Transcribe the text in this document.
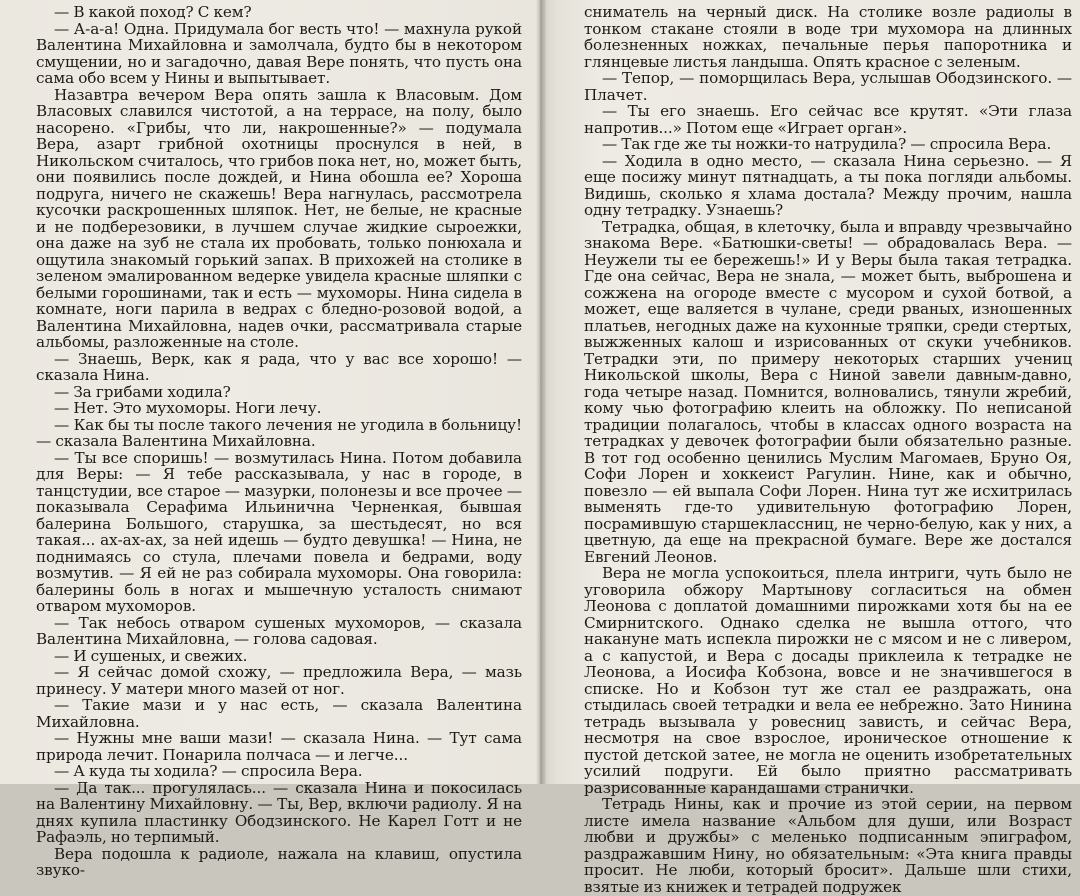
— В какой поход? С кем?

— А-а-а! Одна. Придумала бог весть что! — махнула рукой Валентина Михайловна и замолчала, будто бы в некотором смущении, но и загадочно, давая Вере понять, что пусть она сама обо всем у Нины и выпытывает.

Назавтра вечером Вера опять зашла к Власовым. Дом Власовых славился чистотой, а на террасе, на полу, было насорено. «Грибы, что ли, накрошенные?» — подумала Вера, азарт грибной охотницы проснулся в ней, в Никольском считалось, что грибов пока нет, но, может быть, они появились после дождей, и Нина обошла ее? Хороша подруга, ничего не скажешь! Вера нагнулась, рассмотрела кусочки раскрошенных шляпок. Нет, не белые, не красные и не подберезовики, в лучшем случае жидкие сыроежки, она даже на зуб не стала их пробовать, только понюхала и ощутила знакомый горький запах. В прихожей на столике в зеленом эмалированном ведерке увидела красные шляпки с белыми горошинами, так и есть — мухоморы. Нина сидела в комнате, ноги парила в ведрах с бледно-розовой водой, а Валентина Михайловна, надев очки, рассматривала старые альбомы, разложенные на столе.

— Знаешь, Верк, как я рада, что у вас все хорошо! — сказала Нина.

— За грибами ходила?

— Нет. Это мухоморы. Ноги лечу.

— Как бы ты после такого лечения не угодила в больницу! — сказала Валентина Михайловна.

— Ты все споришь! — возмутилась Нина. Потом добавила для Веры: — Я тебе рассказывала, у нас в городе, в танцстудии, все старое — мазурки, полонезы и все прочее — показывала Серафима Ильинична Черненкая, бывшая балерина Большого, старушка, за шестьдесят, но вся такая... ах-ах-ах, за ней идешь — будто девушка! — Нина, не поднимаясь со стула, плечами повела и бедрами, воду возмутив. — Я ей не раз собирала мухоморы. Она говорила: балерины боль в ногах и мышечную усталость снимают отваром мухоморов.

— Так небось отваром сушеных мухоморов, — сказала Валентина Михайловна, — голова садовая.

— И сушеных, и свежих.

— Я сейчас домой схожу, — предложила Вера, — мазь принесу. У матери много мазей от ног.

— Такие мази и у нас есть, — сказала Валентина Михайловна.

— Нужны мне ваши мази! — сказала Нина. — Тут сама природа лечит. Понарила полчаса — и легче...

— А куда ты ходила? — спросила Вера.

— Да так... прогулялась... — сказала Нина и покосилась на Валентину Михайловну. — Ты, Вер, включи радиолу. Я на днях купила пластинку Ободзинского. Не Карел Готт и не Рафаэль, но терпимый.

Вера подошла к радиоле, нажала на клавиш, опустила звуко-

сниматель на черный диск. На столике возле радиолы в тонком стакане стояли в воде три мухомора на длинных болезненных ножках, печальные перья папоротника и глянцевые листья ландыша. Опять красное с зеленым.

— Тепор, — поморщилась Вера, услышав Ободзинского. — Плачет.

— Ты его знаешь. Его сейчас все крутят. «Эти глаза напротив...» Потом еще «Играет орган».

— Так где же ты ножки-то натрудила? — спросила Вера.

— Ходила в одно место, — сказала Нина серьезно. — Я еще посижу минут пятнадцать, а ты пока погляди альбомы. Видишь, сколько я хлама достала? Между прочим, нашла одну тетрадку. Узнаешь?

Тетрадка, общая, в клеточку, была и вправду чрезвычайно знакома Вере. «Батюшки-светы! — обрадовалась Вера. — Неужели ты ее бережешь!» И у Веры была такая тетрадка. Где она сейчас, Вера не знала, — может быть, выброшена и сожжена на огороде вместе с мусором и сухой ботвой, а может, еще валяется в чулане, среди рваных, изношенных платьев, негодных даже на кухонные тряпки, среди стертых, выжженных калош и изрисованных от скуки учебников. Тетрадки эти, по примеру некоторых старших учениц Никольской школы, Вера с Ниной завели давным-давно, года четыре назад. Помнится, волновались, тянули жребий, кому чью фотографию клеить на обложку. По неписаной традиции полагалось, чтобы в классах одного возраста на тетрадках у девочек фотографии были обязательно разные. В тот год особенно ценились Муслим Магомаев, Бруно Оя, Софи Лорен и хоккеист Рагулин. Нине, как и обычно, повезло — ей выпала Софи Лорен. Нина тут же исхитрилась выменять где-то удивительную фотографию Лорен, посрамившую старшеклассниц, не черно-белую, как у них, а цветную, да еще на прекрасной бумаге. Вере же достался Евгений Леонов.

Вера не могла успокоиться, плела интриги, чуть было не уговорила обжору Мартынову согласиться на обмен Леонова с доплатой домашними пирожками хотя бы на ее Смирнитского. Однако сделка не вышла оттого, что накануне мать испекла пирожки не с мясом и не с ливером, а с капустой, и Вера с досады приклеила к тетрадке не Леонова, а Иосифа Кобзона, вовсе и не значившегося в списке. Но и Кобзон тут же стал ее раздражать, она стыдилась своей тетрадки и вела ее небрежно. Зато Нинина тетрадь вызывала у ровесниц зависть, и сейчас Вера, несмотря на свое взрослое, ироническое отношение к пустой детской затее, не могла не оценить изобретательных усилий подруги. Ей было приятно рассматривать разрисованные карандашами странички.

Тетрадь Нины, как и прочие из этой серии, на первом листе имела название «Альбом для души, или Возраст любви и дружбы» с меленько подписанным эпиграфом, раздражавшим Нину, но обязательным: «Эта книга правды просит. Не люби, который бросит». Дальше шли стихи, взятые из книжек и тетрадей подружек
